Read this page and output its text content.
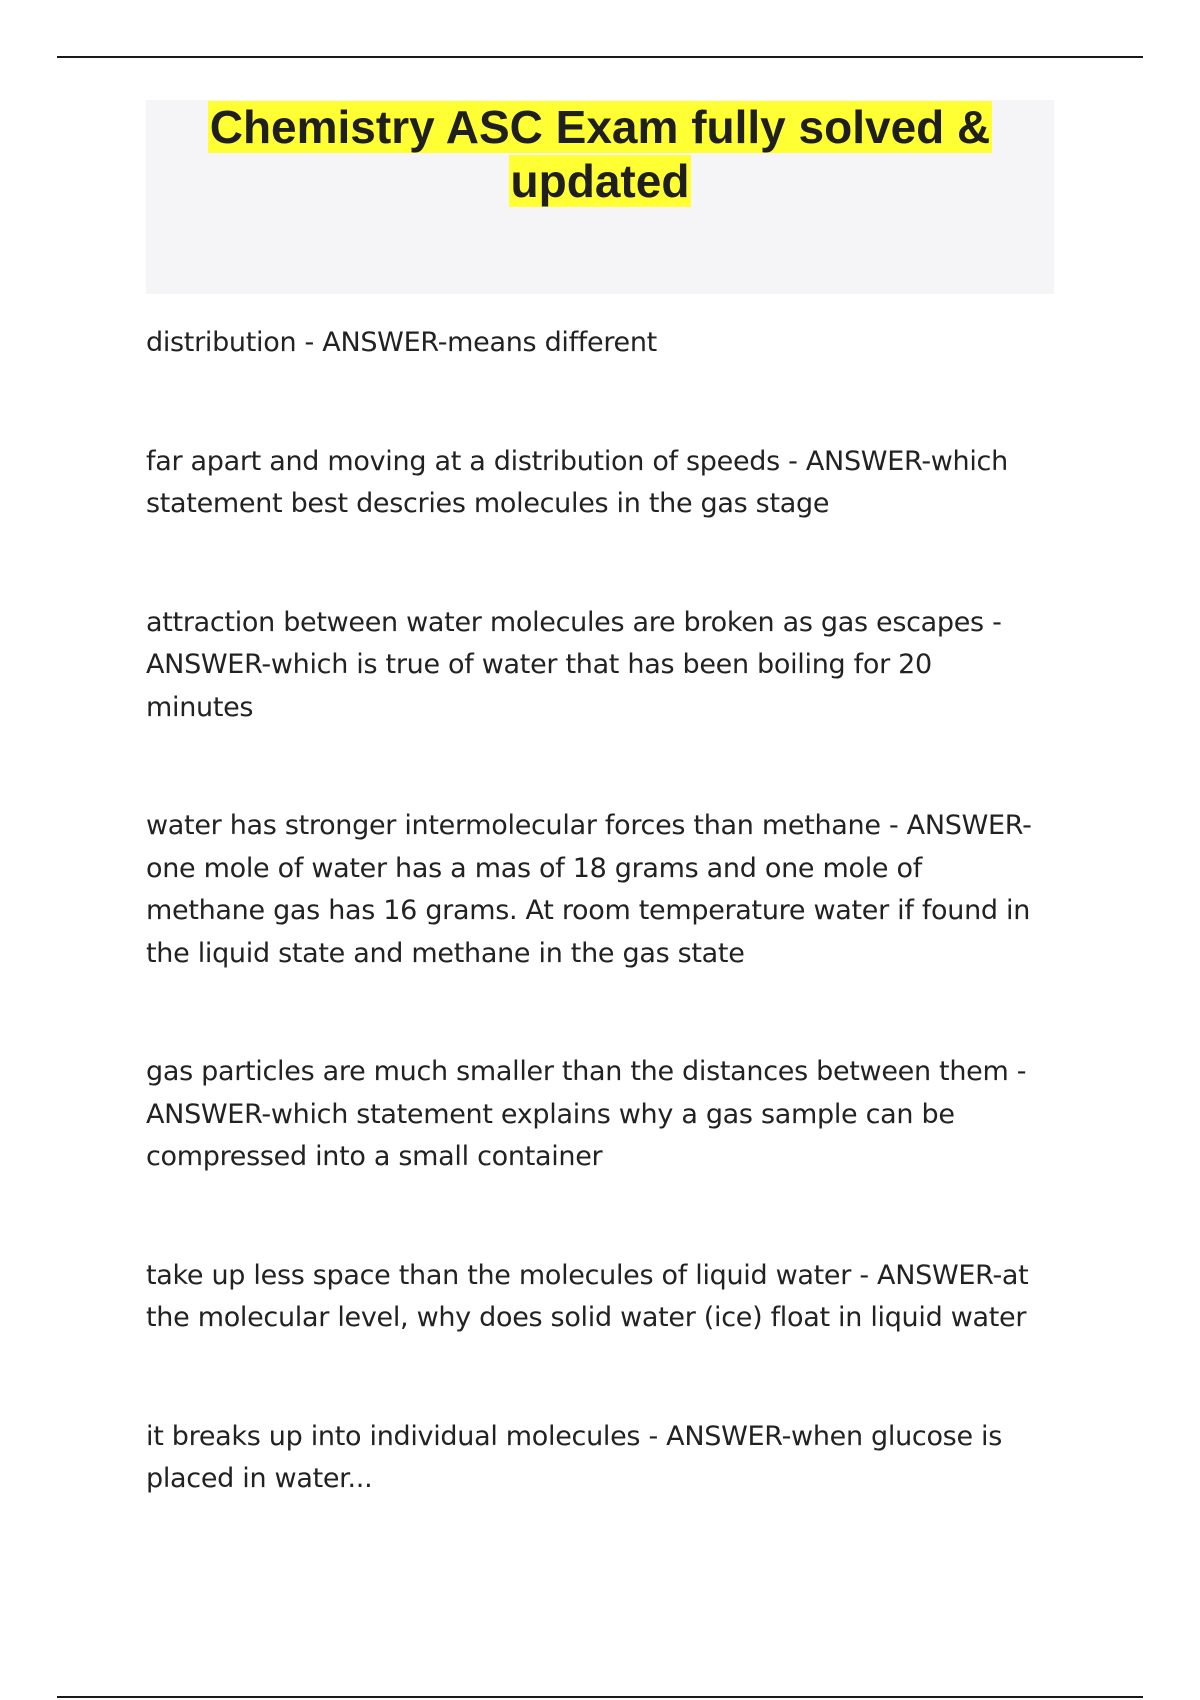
Chemistry ASC Exam fully solved & updated

distribution - ANSWER-means different

far apart and moving at a distribution of speeds - ANSWER-which statement best descries molecules in the gas stage

attraction between water molecules are broken as gas escapes - ANSWER-which is true of water that has been boiling for 20 minutes

water has stronger intermolecular forces than methane - ANSWER-one mole of water has a mas of 18 grams and one mole of methane gas has 16 grams. At room temperature water if found in the liquid state and methane in the gas state

gas particles are much smaller than the distances between them - ANSWER-which statement explains why a gas sample can be compressed into a small container

take up less space than the molecules of liquid water - ANSWER-at the molecular level, why does solid water (ice) float in liquid water

it breaks up into individual molecules - ANSWER-when glucose is placed in water...
